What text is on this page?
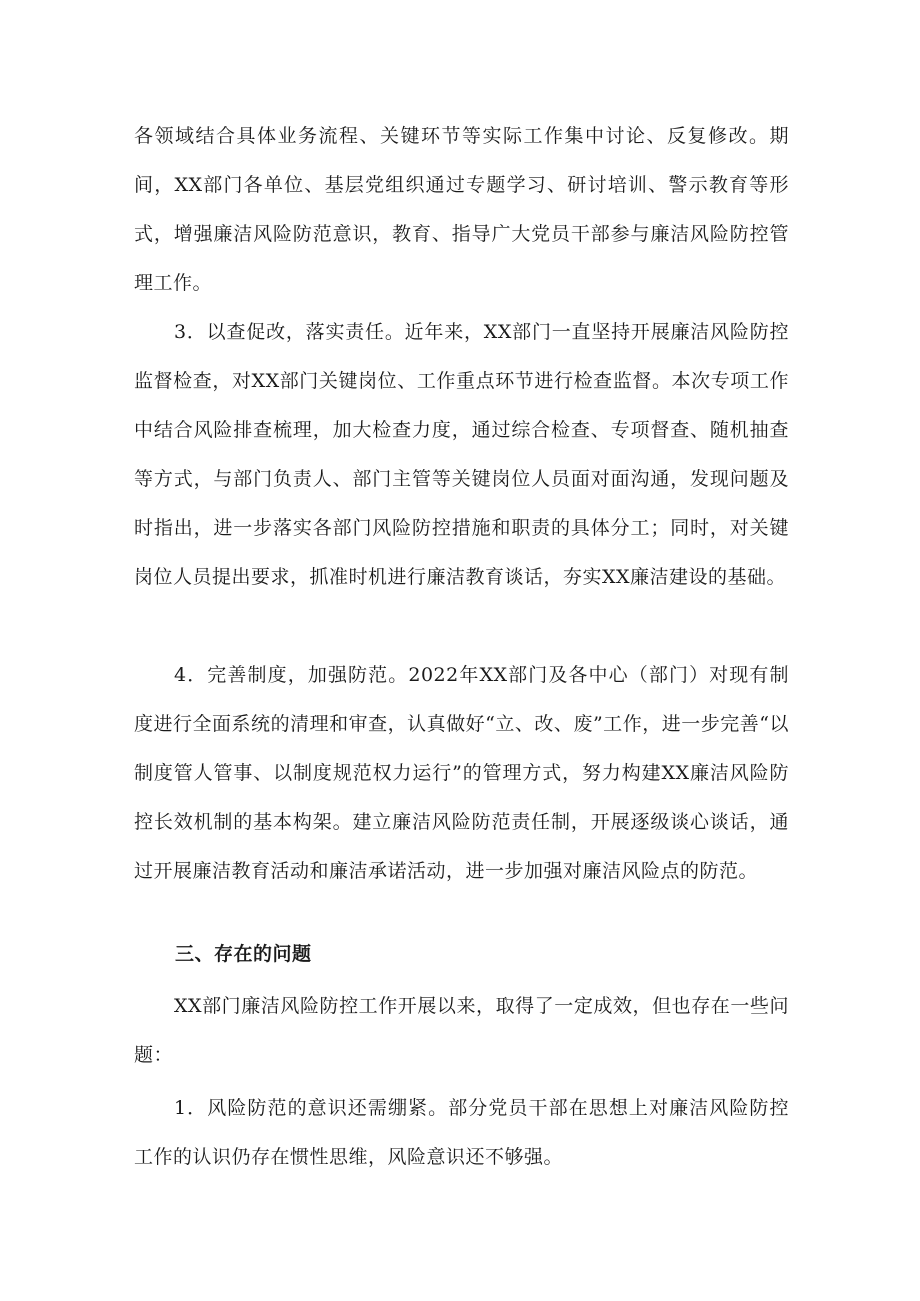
各领域结合具体业务流程、关键环节等实际工作集中讨论、反复修改。期间，XX部门各单位、基层党组织通过专题学习、研讨培训、警示教育等形式，增强廉洁风险防范意识，教育、指导广大党员干部参与廉洁风险防控管理工作。

3．以查促改，落实责任。近年来，XX部门一直坚持开展廉洁风险防控监督检查，对XX部门关键岗位、工作重点环节进行检查监督。本次专项工作中结合风险排查梳理，加大检查力度，通过综合检查、专项督查、随机抽查等方式，与部门负责人、部门主管等关键岗位人员面对面沟通，发现问题及时指出，进一步落实各部门风险防控措施和职责的具体分工；同时，对关键岗位人员提出要求，抓准时机进行廉洁教育谈话，夯实XX廉洁建设的基础。

4．完善制度，加强防范。2022年XX部门及各中心（部门）对现有制度进行全面系统的清理和审查，认真做好“立、改、废”工作，进一步完善“以制度管人管事、以制度规范权力运行”的管理方式，努力构建XX廉洁风险防控长效机制的基本构架。建立廉洁风险防范责任制，开展逐级谈心谈话，通过开展廉洁教育活动和廉洁承诺活动，进一步加强对廉洁风险点的防范。

三、存在的问题

XX部门廉洁风险防控工作开展以来，取得了一定成效，但也存在一些问题：

1．风险防范的意识还需绷紧。部分党员干部在思想上对廉洁风险防控工作的认识仍存在惯性思维，风险意识还不够强。
